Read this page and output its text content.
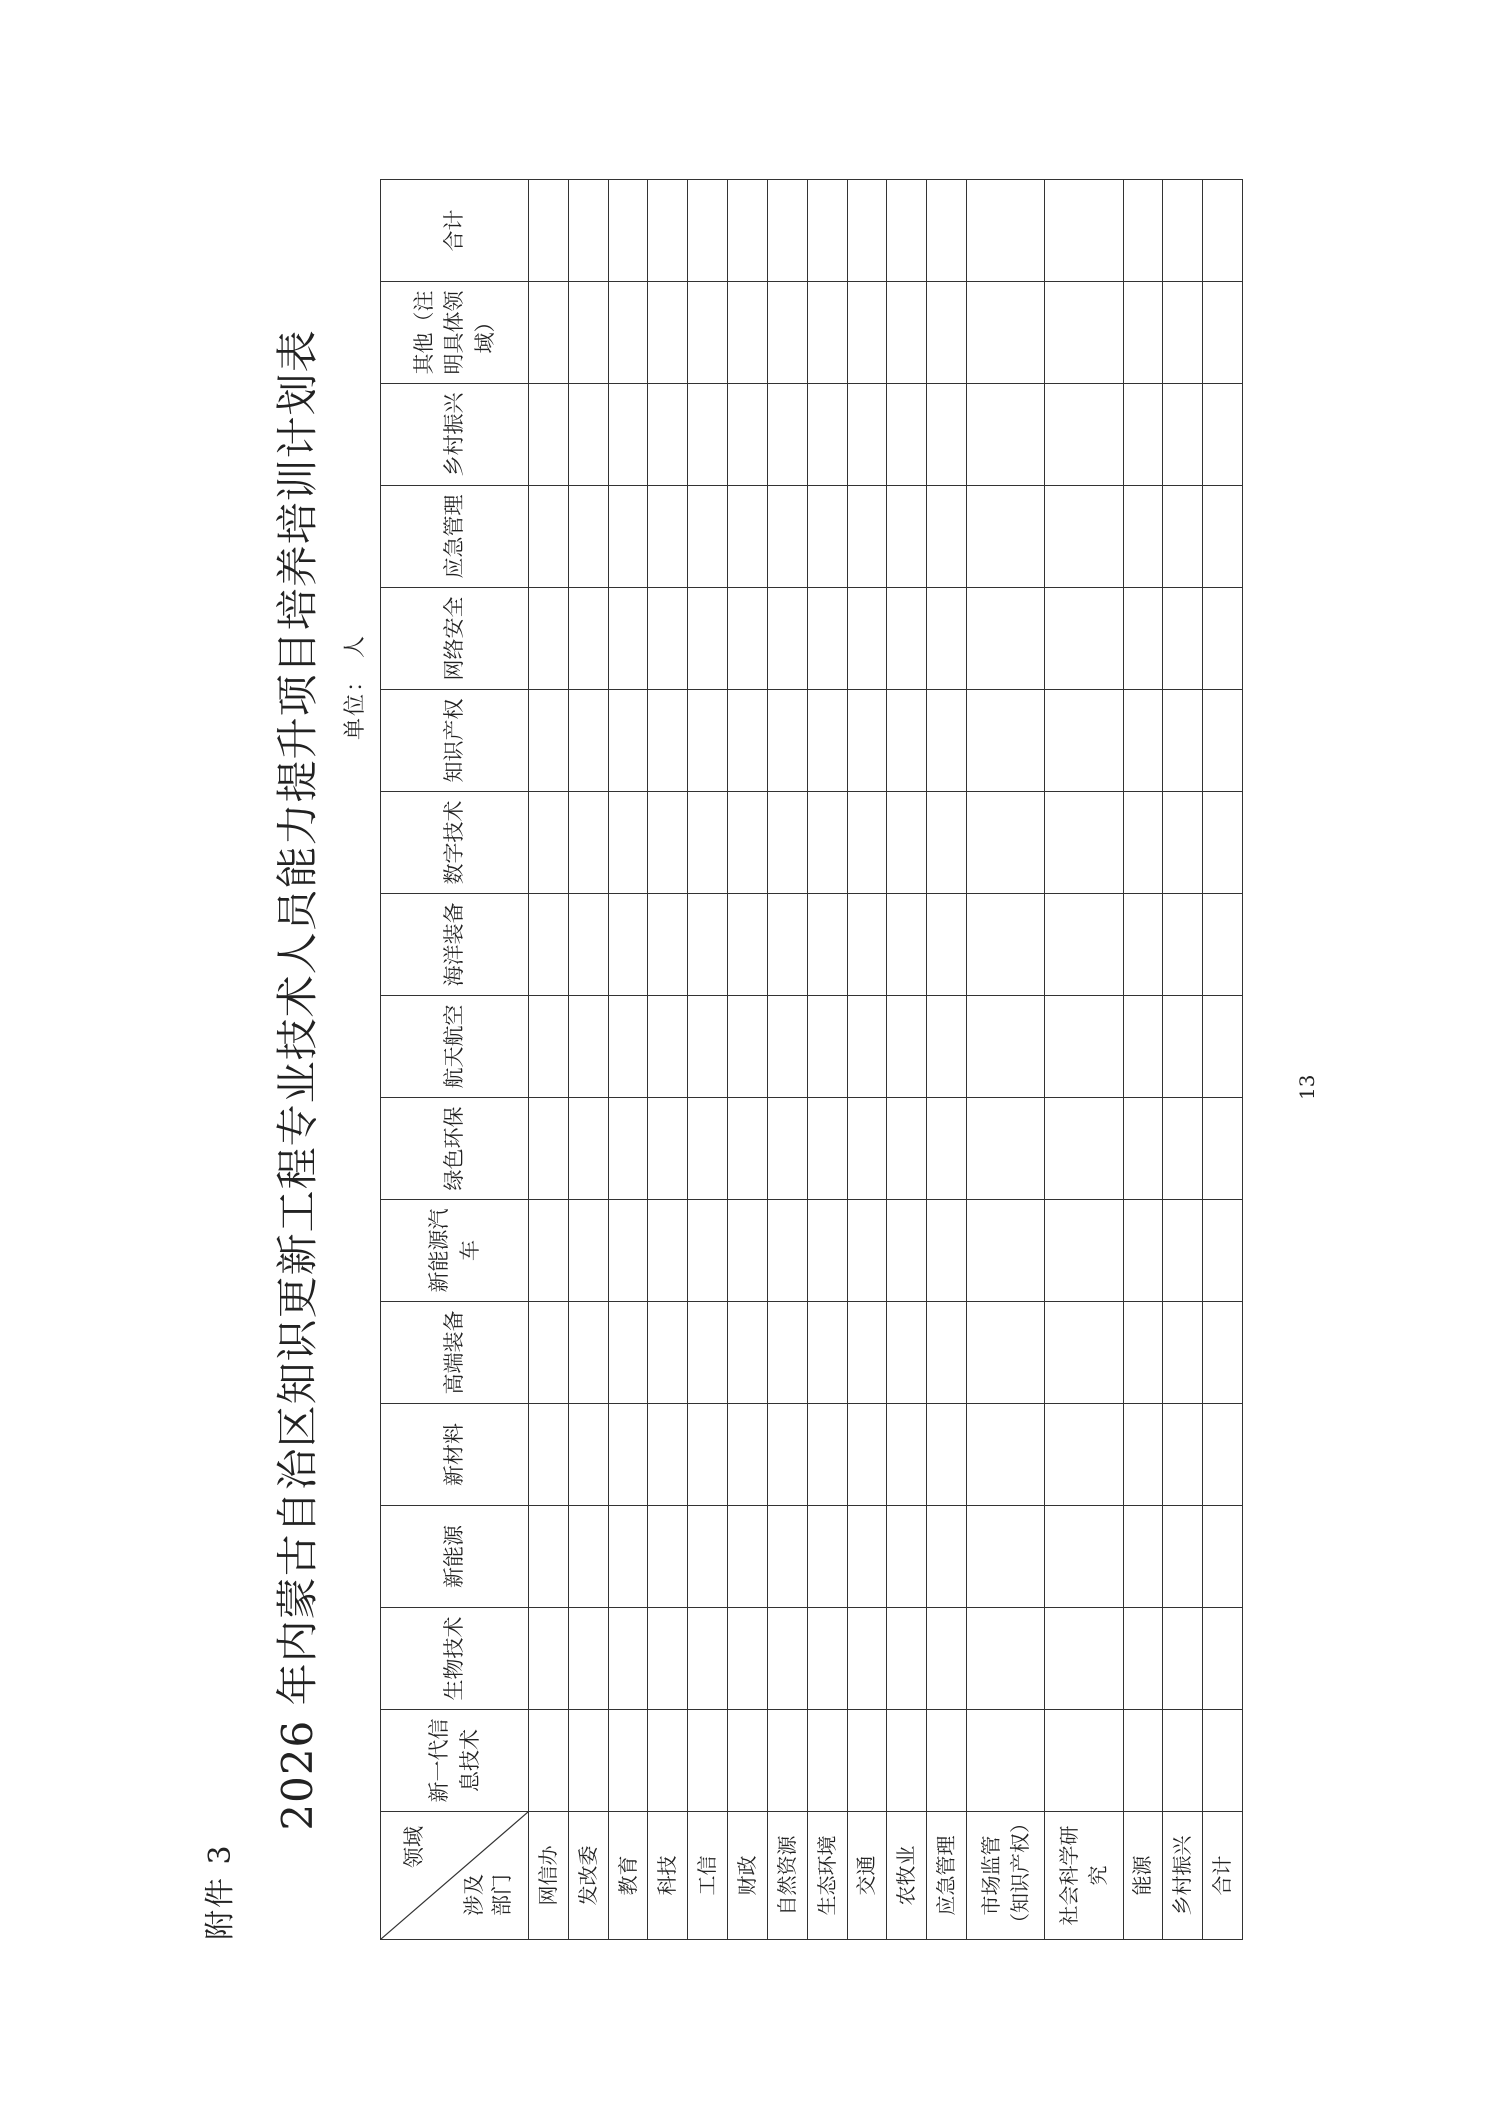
附件 3
2026 年内蒙古自治区知识更新工程专业技术人员能力提升项目培养培训计划表 单位：人
领域
涉及部门	新一代信息技术	生物技术	新能源	新材料	高端装备	新能源汽车	绿色环保	航天航空	海洋装备	数字技术	知识产权	网络安全	应急管理	乡村振兴	其他（注明具体领域）	合计
网信办																
发改委																
教育																
科技																
工信																
财政																
自然资源																
生态环境																
交通																
农牧业																
应急管理																
市场监管（知识产权）																
社会科学研究																
能源																
乡村振兴																
合计																
13
